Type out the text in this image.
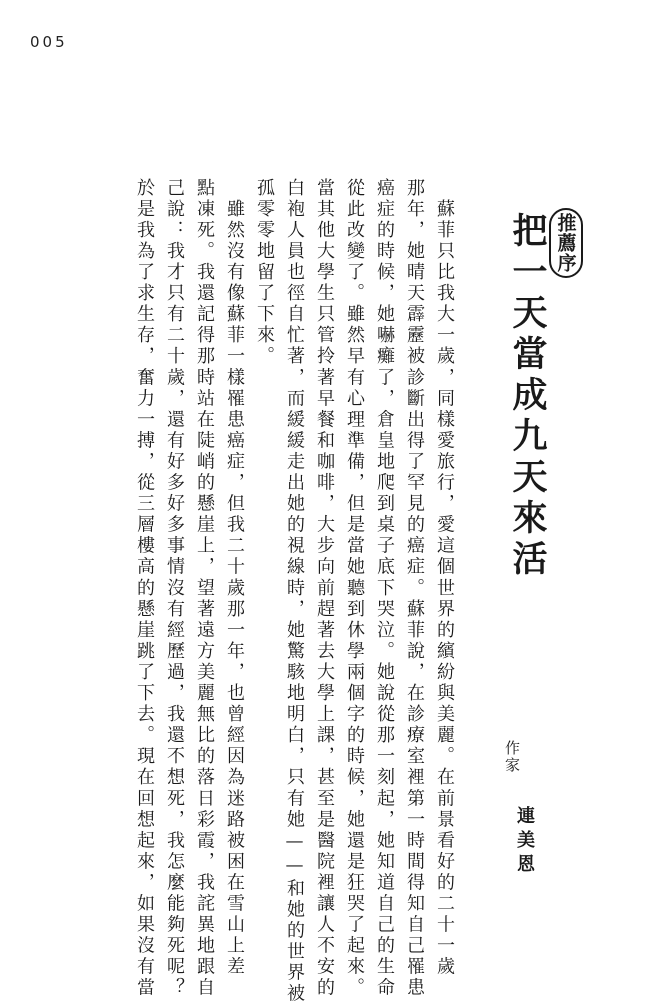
005
推薦序
把一天當成九天來活
作家
連美恩
　蘇菲只比我大一歲，同樣愛旅行，愛這個世界的繽紛與美麗。在前景看好的二十一歲
那年，她晴天霹靂被診斷出得了罕見的癌症。蘇菲說，在診療室裡第一時間得知自己罹患
癌症的時候，她嚇癱了，倉皇地爬到桌子底下哭泣。她說從那一刻起，她知道自己的生命
從此改變了。雖然早有心理準備，但是當她聽到休學兩個字的時候，她還是狂哭了起來。
當其他大學生只管拎著早餐和咖啡，大步向前趕著去大學上課，甚至是醫院裡讓人不安的
白袍人員也徑自忙著，而緩緩走出她的視線時，她驚駭地明白，只有她——和她的世界被
孤零零地留了下來。
　雖然沒有像蘇菲一樣罹患癌症，但我二十歲那一年，也曾經因為迷路被困在雪山上差
點凍死。我還記得那時站在陡峭的懸崖上，望著遠方美麗無比的落日彩霞，我詫異地跟自
己說：我才只有二十歲，還有好多好多事情沒有經歷過，我還不想死，我怎麼能夠死呢？
於是我為了求生存，奮力一搏，從三層樓高的懸崖跳了下去。現在回想起來，如果沒有當
